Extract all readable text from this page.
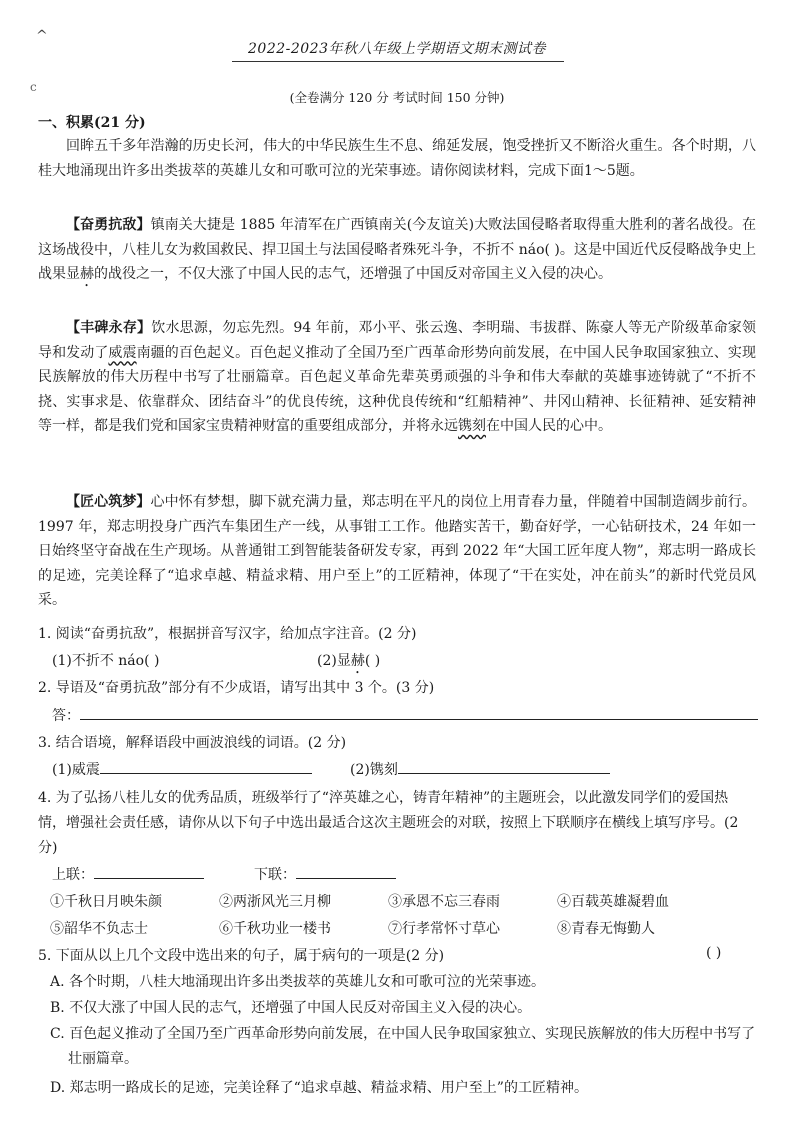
^
c
2022-2023年秋八年级上学期语文期末测试卷
(全卷满分 120 分 考试时间 150 分钟)
一、积累(21 分)

回眸五千多年浩瀚的历史长河，伟大的中华民族生生不息、绵延发展，饱受挫折又不断浴火重生。各个时期，八桂大地涌现出许多出类拔萃的英雄儿女和可歌可泣的光荣事迹。请你阅读材料，完成下面1～5题。

【奋勇抗敌】镇南关大捷是 1885 年清军在广西镇南关(今友谊关)大败法国侵略者取得重大胜利的著名战役。在这场战役中，八桂儿女为救国救民、捍卫国土与法国侵略者殊死斗争，不折不 náo( )。这是中国近代反侵略战争史上战果显赫的战役之一，不仅大涨了中国人民的志气，还增强了中国反对帝国主义入侵的决心。

【丰碑永存】饮水思源，勿忘先烈。94 年前，邓小平、张云逸、李明瑞、韦拔群、陈豪人等无产阶级革命家领导和发动了威震南疆的百色起义。百色起义推动了全国乃至广西革命形势向前发展，在中国人民争取国家独立、实现民族解放的伟大历程中书写了壮丽篇章。百色起义革命先辈英勇顽强的斗争和伟大奉献的英雄事迹铸就了“不折不挠、实事求是、依靠群众、团结奋斗”的优良传统，这种优良传统和“红船精神”、井冈山精神、长征精神、延安精神等一样，都是我们党和国家宝贵精神财富的重要组成部分，并将永远镌刻在中国人民的心中。

【匠心筑梦】心中怀有梦想，脚下就充满力量，郑志明在平凡的岗位上用青春力量，伴随着中国制造阔步前行。1997 年，郑志明投身广西汽车集团生产一线，从事钳工工作。他踏实苦干，勤奋好学，一心钻研技术，24 年如一日始终坚守奋战在生产现场。从普通钳工到智能装备研发专家，再到 2022 年“大国工匠年度人物”，郑志明一路成长的足迹，完美诠释了“追求卓越、精益求精、用户至上”的工匠精神，体现了“干在实处，冲在前头”的新时代党员风采。

1. 阅读“奋勇抗敌”，根据拼音写汉字，给加点字注音。(2 分)
(1)不折不 náo( )	(2)显赫( )
2. 导语及“奋勇抗敌”部分有不少成语，请写出其中 3 个。(3 分)
答：
3. 结合语境，解释语段中画波浪线的词语。(2 分)
(1)威震	(2)镌刻

4. 为了弘扬八桂儿女的优秀品质，班级举行了“淬英雄之心，铸青年精神”的主题班会，以此激发同学们的爱国热情，增强社会责任感，请你从以下句子中选出最适合这次主题班会的对联，按照上下联顺序在横线上填写序号。(2 分)

上联：	下联：
①千秋日月映朱颜	②两浙风光三月柳	③承恩不忘三春雨	④百载英雄凝碧血
⑤韶华不负志士	⑥千秋功业一楼书	⑦行孝常怀寸草心	⑧青春无悔勤人
5. 下面从以上几个文段中选出来的句子，属于病句的一项是(2 分)	( )

A. 各个时期，八桂大地涌现出许多出类拔萃的英雄儿女和可歌可泣的光荣事迹。

B. 不仅大涨了中国人民的志气，还增强了中国人民反对帝国主义入侵的决心。

C. 百色起义推动了全国乃至广西革命形势向前发展，在中国人民争取国家独立、实现民族解放的伟大历程中书写了壮丽篇章。

D. 郑志明一路成长的足迹，完美诠释了“追求卓越、精益求精、用户至上”的工匠精神。
